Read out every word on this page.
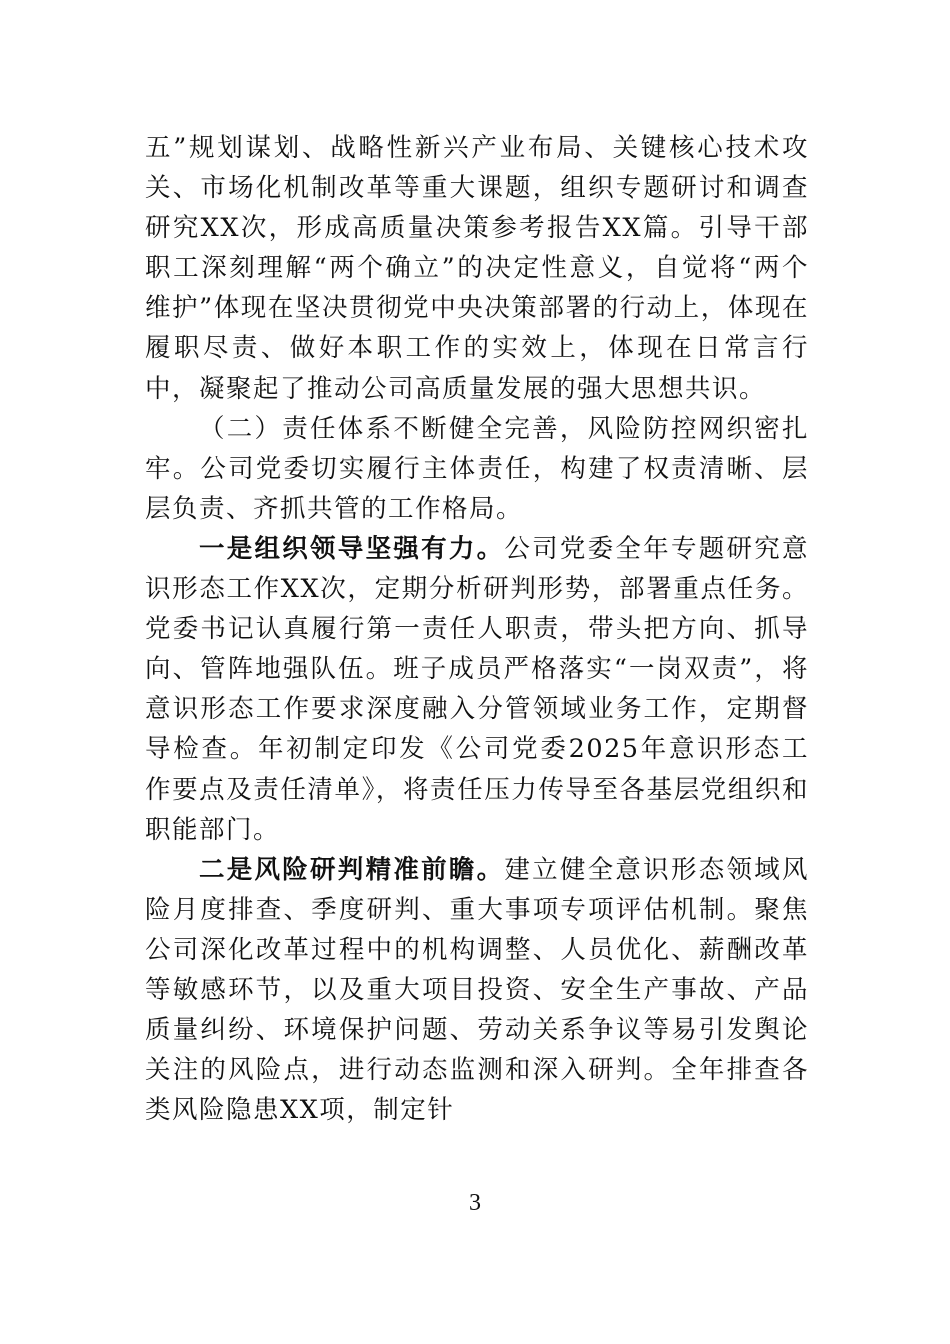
五”规划谋划、战略性新兴产业布局、关键核心技术攻关、市场化机制改革等重大课题，组织专题研讨和调查研究XX次，形成高质量决策参考报告XX篇。引导干部职工深刻理解“两个确立”的决定性意义，自觉将“两个维护”体现在坚决贯彻党中央决策部署的行动上，体现在履职尽责、做好本职工作的实效上，体现在日常言行中，凝聚起了推动公司高质量发展的强大思想共识。

（二）责任体系不断健全完善，风险防控网织密扎牢。公司党委切实履行主体责任，构建了权责清晰、层层负责、齐抓共管的工作格局。

一是组织领导坚强有力。公司党委全年专题研究意识形态工作XX次，定期分析研判形势，部署重点任务。党委书记认真履行第一责任人职责，带头把方向、抓导向、管阵地强队伍。班子成员严格落实“一岗双责”，将意识形态工作要求深度融入分管领域业务工作，定期督导检查。年初制定印发《公司党委2025年意识形态工作要点及责任清单》，将责任压力传导至各基层党组织和职能部门。

二是风险研判精准前瞻。建立健全意识形态领域风险月度排查、季度研判、重大事项专项评估机制。聚焦公司深化改革过程中的机构调整、人员优化、薪酬改革等敏感环节，以及重大项目投资、安全生产事故、产品质量纠纷、环境保护问题、劳动关系争议等易引发舆论关注的风险点，进行动态监测和深入研判。全年排查各类风险隐患XX项，制定针

3
